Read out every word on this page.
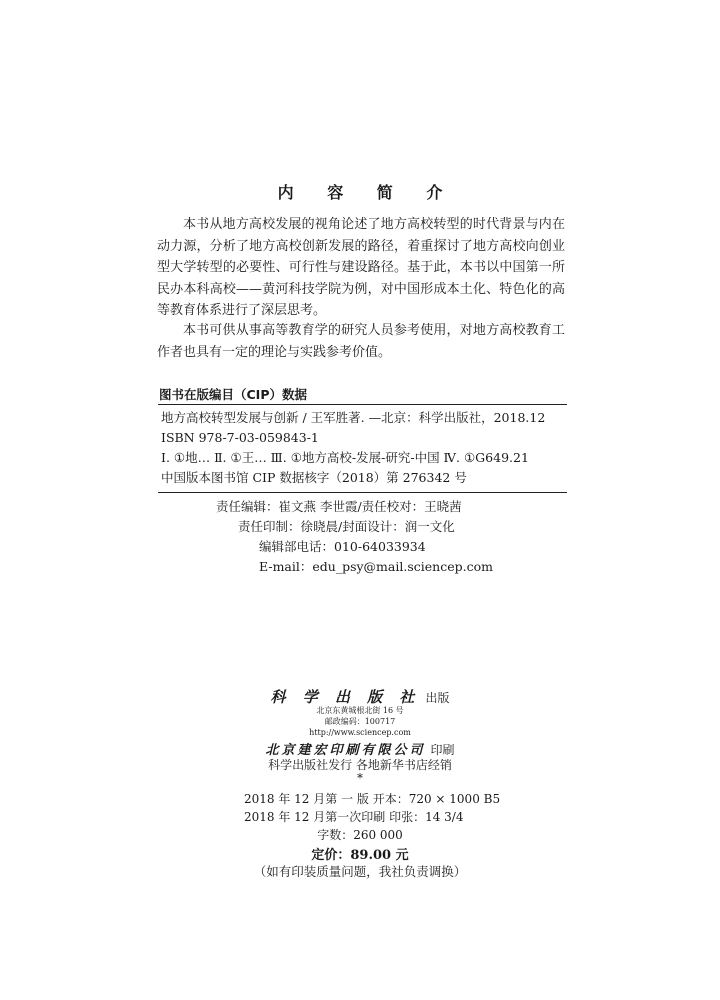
内 容 简 介
本书从地方高校发展的视角论述了地方高校转型的时代背景与内在动力源，分析了地方高校创新发展的路径，着重探讨了地方高校向创业型大学转型的必要性、可行性与建设路径。基于此，本书以中国第一所民办本科高校——黄河科技学院为例，对中国形成本土化、特色化的高等教育体系进行了深层思考。
本书可供从事高等教育学的研究人员参考使用，对地方高校教育工作者也具有一定的理论与实践参考价值。
图书在版编目（CIP）数据
地方高校转型发展与创新 / 王军胜著. —北京：科学出版社，2018.12
ISBN 978-7-03-059843-1
Ⅰ. ①地… Ⅱ. ①王… Ⅲ. ①地方高校-发展-研究-中国 Ⅳ. ①G649.21
中国版本图书馆 CIP 数据核字（2018）第 276342 号
责任编辑：崔文燕 李世霞/责任校对：王晓茜
责任印制：徐晓晨/封面设计：润一文化
编辑部电话：010-64033934
E-mail：edu_psy@mail.sciencep.com
科 学 出 版 社 出版
北京东黄城根北街 16 号
邮政编码：100717
http://www.sciencep.com
北京建宏印刷有限公司 印刷
科学出版社发行 各地新华书店经销
*
2018 年 12 月第 一 版 开本：720 × 1000 B5
2018 年 12 月第一次印刷 印张：14 3/4
字数：260 000
定价：89.00 元
（如有印装质量问题，我社负责调换）
